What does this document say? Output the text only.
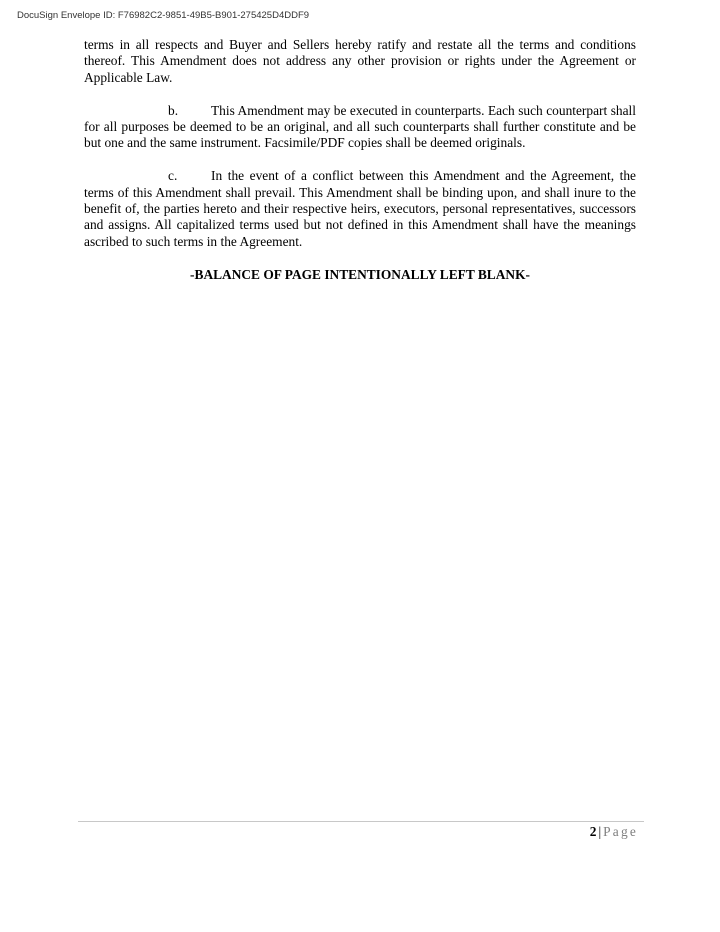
DocuSign Envelope ID: F76982C2-9851-49B5-B901-275425D4DDF9

terms in all respects and Buyer and Sellers hereby ratify and restate all the terms and conditions thereof. This Amendment does not address any other provision or rights under the Agreement or Applicable Law.

b. This Amendment may be executed in counterparts. Each such counterpart shall for all purposes be deemed to be an original, and all such counterparts shall further constitute and be but one and the same instrument. Facsimile/PDF copies shall be deemed originals.

c.	In the event of a conflict between this Amendment and the Agreement, the terms of this Amendment shall prevail. This Amendment shall be binding upon, and shall inure to the benefit of, the parties hereto and their respective heirs, executors, personal representatives, successors and assigns. All capitalized terms used but not defined in this Amendment shall have the meanings ascribed to such terms in the Agreement.

-BALANCE OF PAGE INTENTIONALLY LEFT BLANK-
2 | Page
